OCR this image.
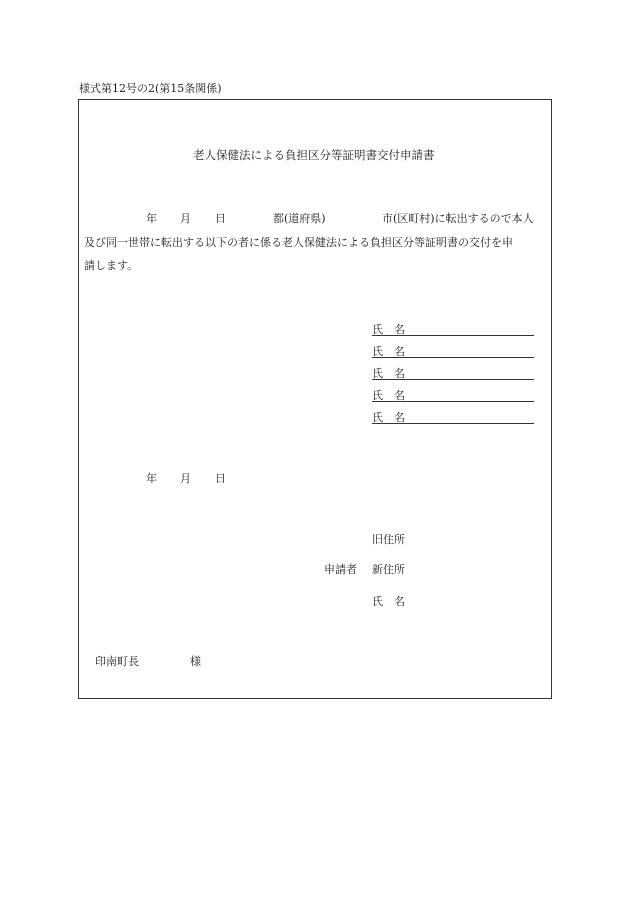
様式第12号の2(第15条関係)
老人保健法による負担区分等証明書交付申請書
年 月 日	都(道府県)	市(区町村)に転出するので本人
及び同一世帯に転出する以下の者に係る老人保健法による負担区分等証明書の交付を申
請します。
氏　名
氏　名
氏　名
氏　名
氏　名
年 月 日
旧住所
申請者 新住所
氏　名
印南町長	様
